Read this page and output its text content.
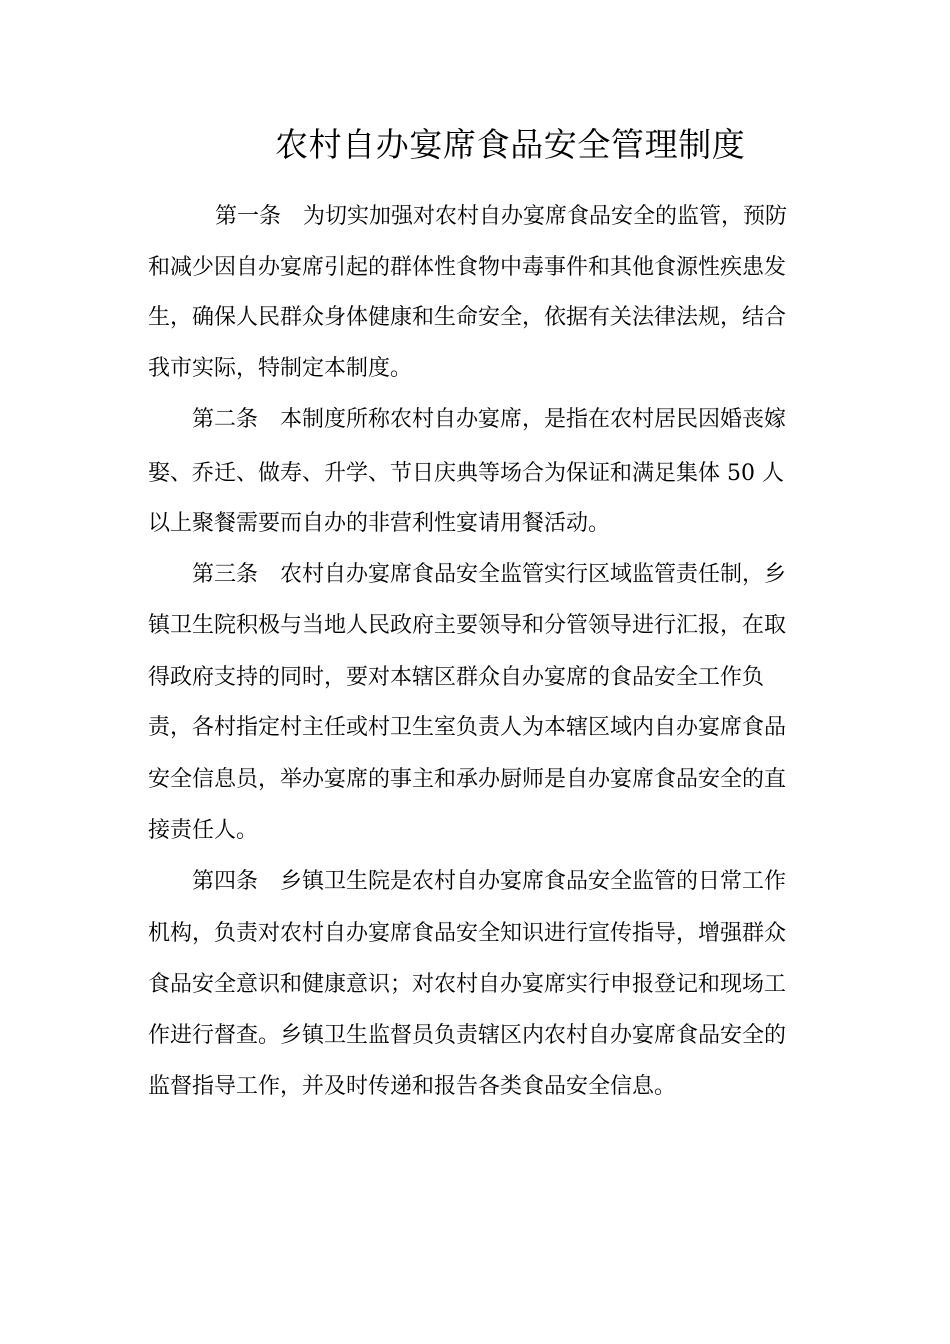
农村自办宴席食品安全管理制度

第一条　为切实加强对农村自办宴席食品安全的监管，预防

和减少因自办宴席引起的群体性食物中毒事件和其他食源性疾患发

生，确保人民群众身体健康和生命安全，依据有关法律法规，结合

我市实际，特制定本制度。

第二条　本制度所称农村自办宴席，是指在农村居民因婚丧嫁

娶、乔迁、做寿、升学、节日庆典等场合为保证和满足集体 50 人

以上聚餐需要而自办的非营利性宴请用餐活动。

第三条　农村自办宴席食品安全监管实行区域监管责任制，乡

镇卫生院积极与当地人民政府主要领导和分管领导进行汇报，在取

得政府支持的同时，要对本辖区群众自办宴席的食品安全工作负

责，各村指定村主任或村卫生室负责人为本辖区域内自办宴席食品

安全信息员，举办宴席的事主和承办厨师是自办宴席食品安全的直

接责任人。

第四条　乡镇卫生院是农村自办宴席食品安全监管的日常工作

机构，负责对农村自办宴席食品安全知识进行宣传指导，增强群众

食品安全意识和健康意识；对农村自办宴席实行申报登记和现场工

作进行督查。乡镇卫生监督员负责辖区内农村自办宴席食品安全的

监督指导工作，并及时传递和报告各类食品安全信息。
